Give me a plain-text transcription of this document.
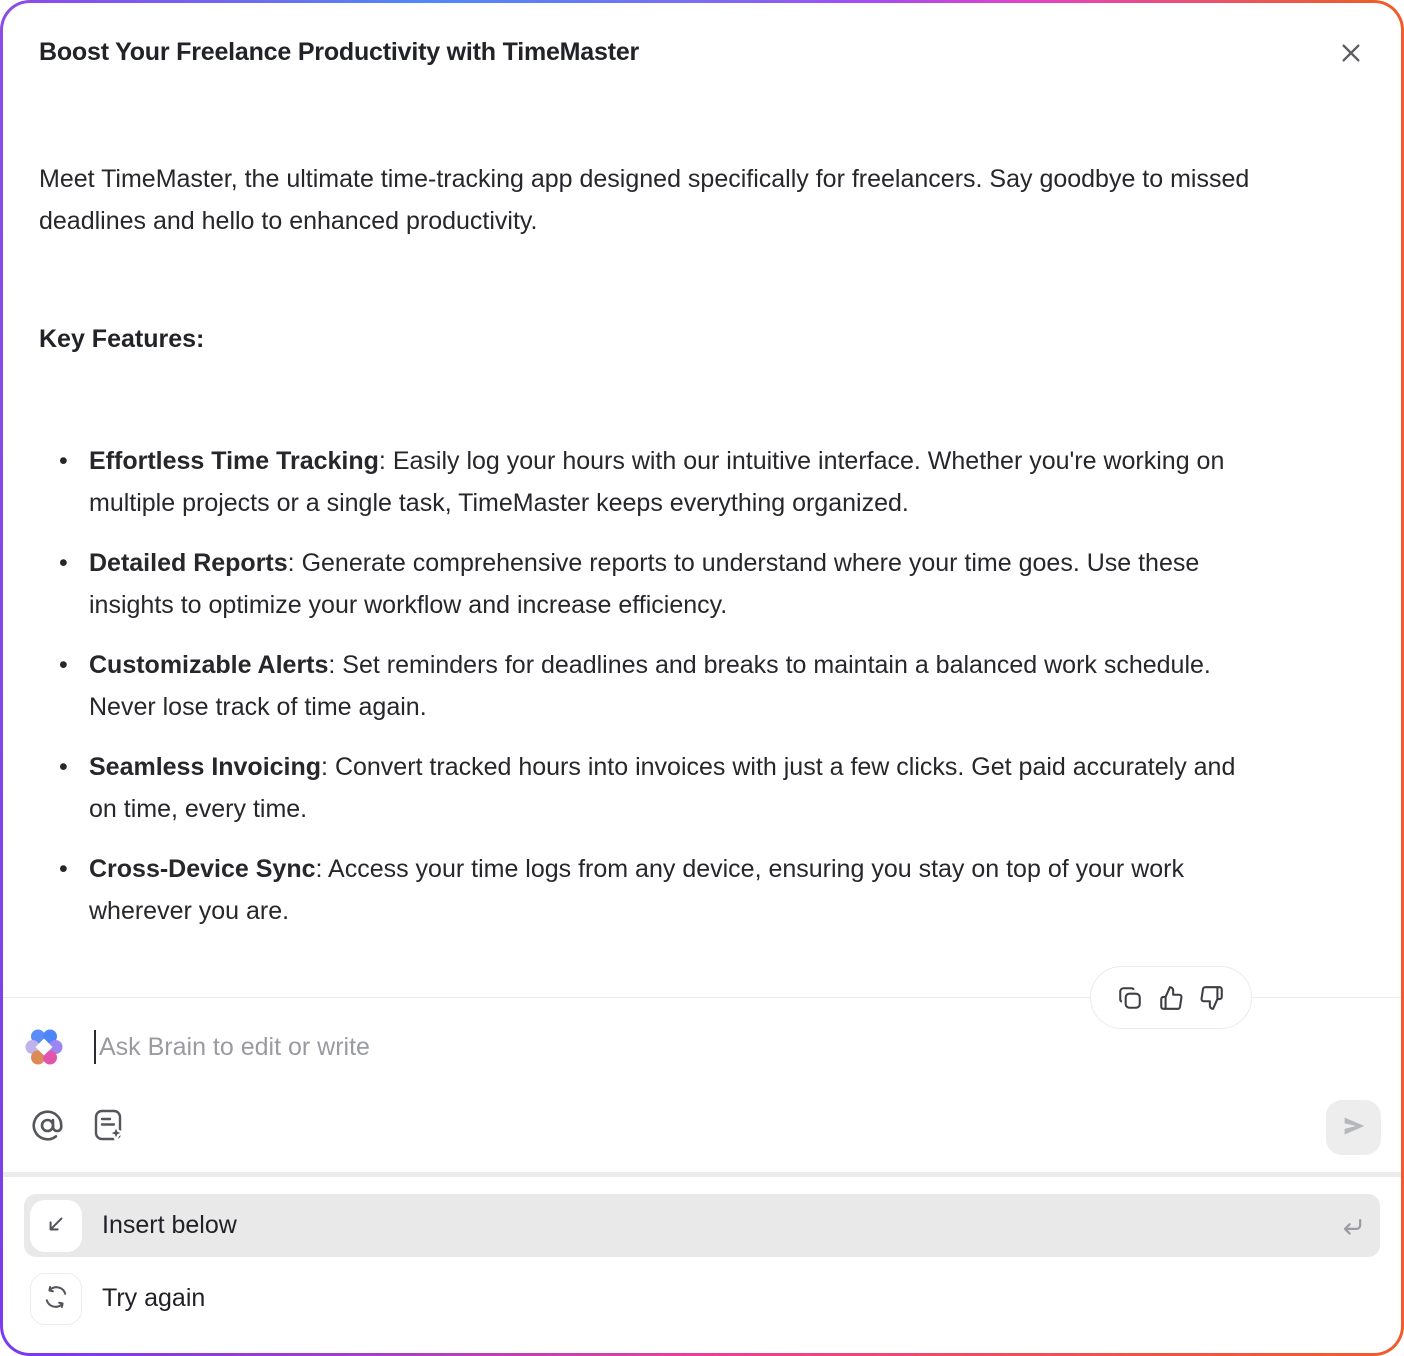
Boost Your Freelance Productivity with TimeMaster

Meet TimeMaster, the ultimate time-tracking app designed specifically for freelancers. Say goodbye to missed deadlines and hello to enhanced productivity.

Key Features:

• Effortless Time Tracking: Easily log your hours with our intuitive interface. Whether you're working on multiple projects or a single task, TimeMaster keeps everything organized.
• Detailed Reports: Generate comprehensive reports to understand where your time goes. Use these insights to optimize your workflow and increase efficiency.
• Customizable Alerts: Set reminders for deadlines and breaks to maintain a balanced work schedule. Never lose track of time again.
• Seamless Invoicing: Convert tracked hours into invoices with just a few clicks. Get paid accurately and on time, every time.
• Cross-Device Sync: Access your time logs from any device, ensuring you stay on top of your work wherever you are.
Ask Brain to edit or write
Insert below
Try again
